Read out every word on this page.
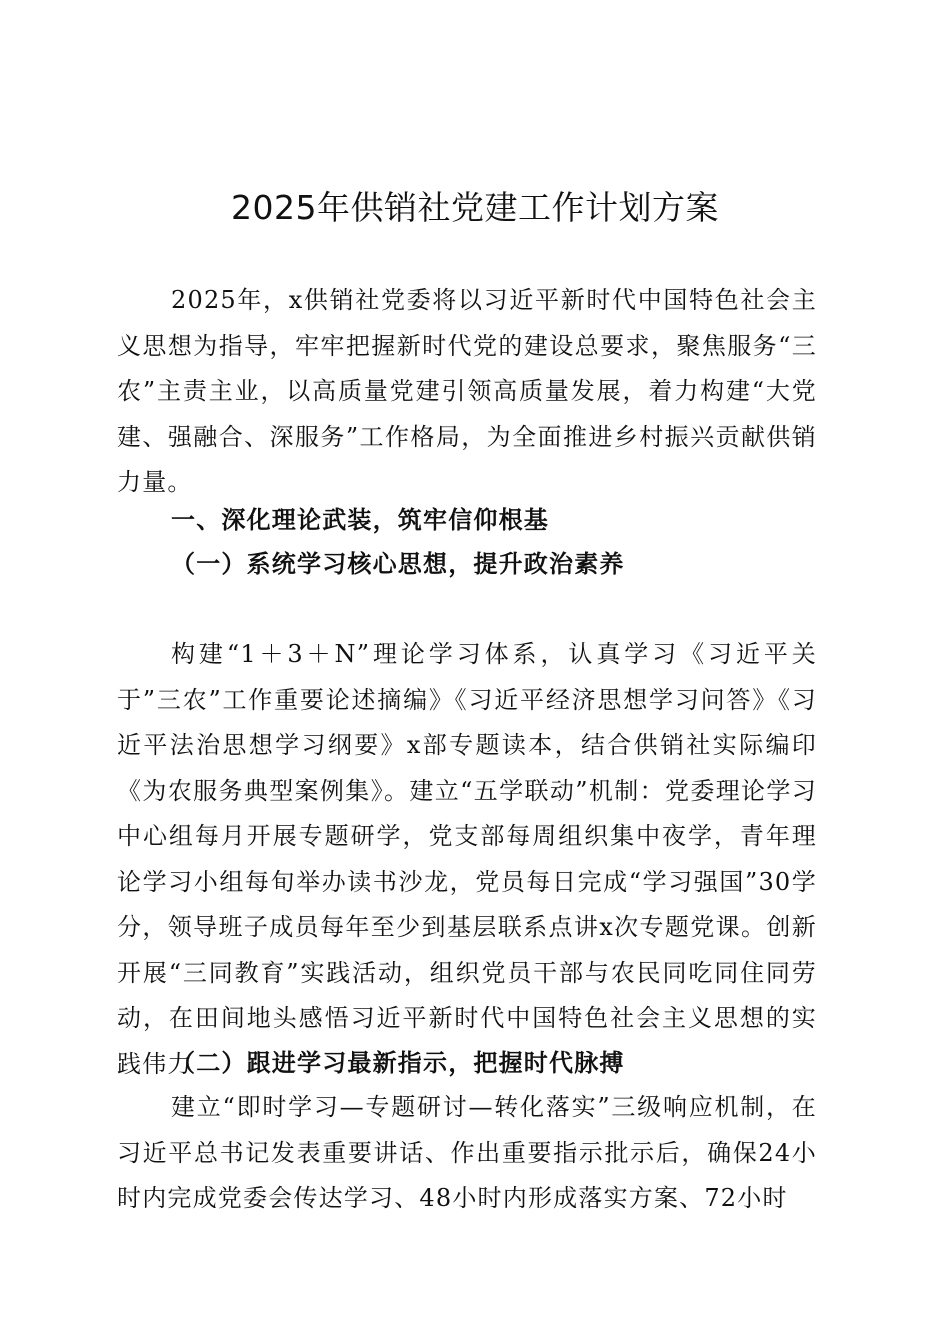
2025年供销社党建工作计划方案

2025年，x供销社党委将以习近平新时代中国特色社会主义思想为指导，牢牢把握新时代党的建设总要求，聚焦服务“三农”主责主业，以高质量党建引领高质量发展，着力构建“大党建、强融合、深服务”工作格局，为全面推进乡村振兴贡献供销力量。

一、深化理论武装，筑牢信仰根基

（一）系统学习核心思想，提升政治素养

构建“1＋3＋N”理论学习体系，认真学习《习近平关于”三农”工作重要论述摘编》《习近平经济思想学习问答》《习近平法治思想学习纲要》x部专题读本，结合供销社实际编印《为农服务典型案例集》。建立“五学联动”机制：党委理论学习中心组每月开展专题研学，党支部每周组织集中夜学，青年理论学习小组每旬举办读书沙龙，党员每日完成“学习强国”30学分，领导班子成员每年至少到基层联系点讲x次专题党课。创新开展“三同教育”实践活动，组织党员干部与农民同吃同住同劳动，在田间地头感悟习近平新时代中国特色社会主义思想的实践伟力

（二）跟进学习最新指示，把握时代脉搏

建立“即时学习—专题研讨—转化落实”三级响应机制，在习近平总书记发表重要讲话、作出重要指示批示后，确保24小时内完成党委会传达学习、48小时内形成落实方案、72小时
